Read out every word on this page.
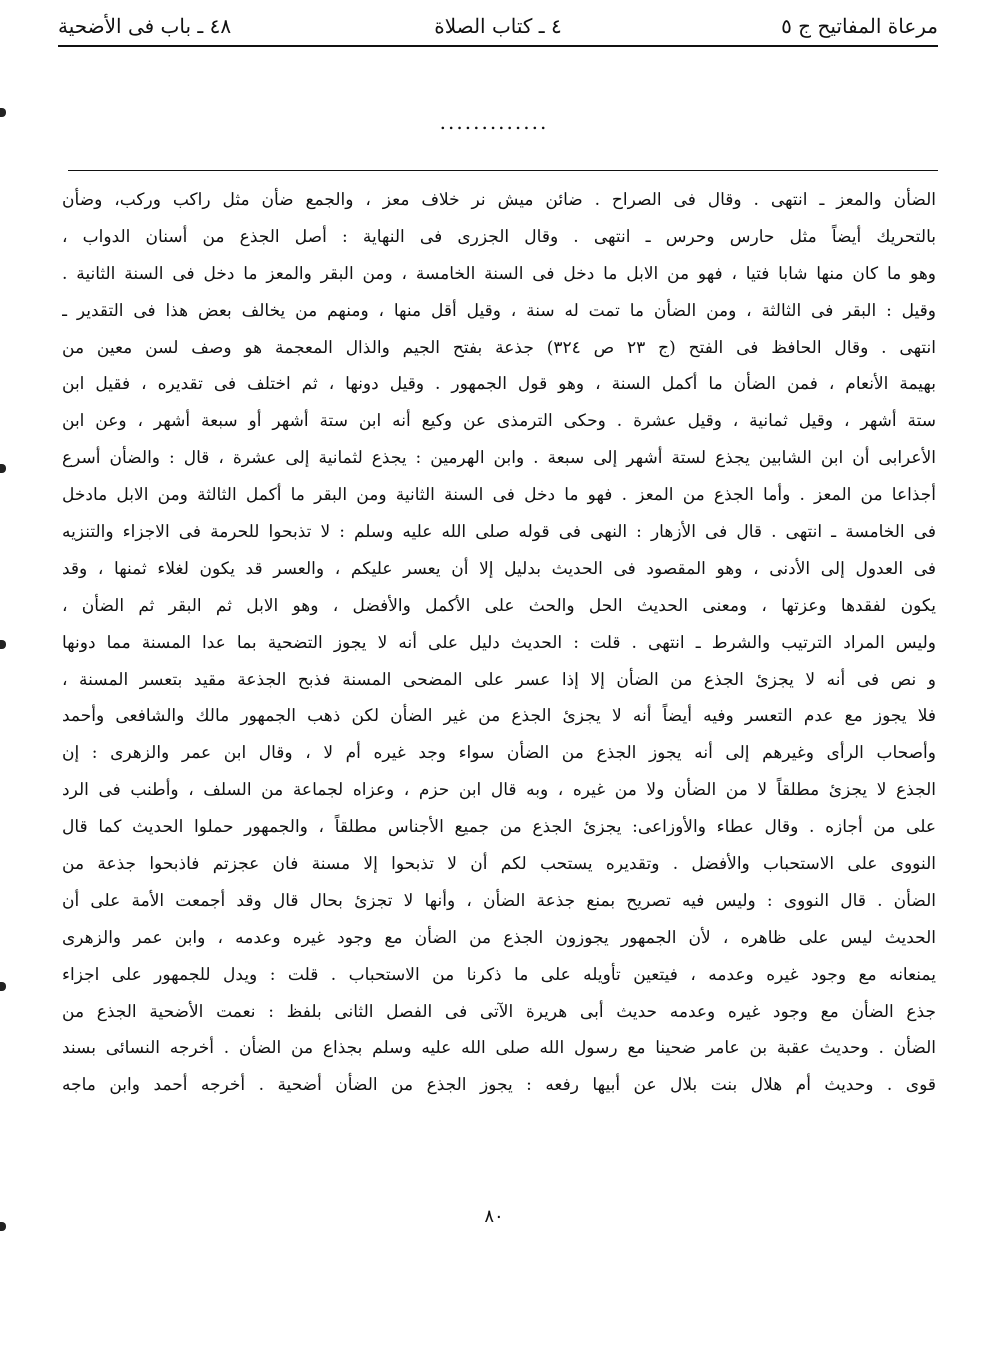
مرعاة المفاتيح ج ٥
٤ ـ كتاب الصلاة
٤٨ ـ باب فى الأضحية
.............
الضأن والمعز ـ انتهى . وقال فى الصراح . ضائن ميش نر خلاف معز ، والجمع ضأن مثل راكب وركب، وضأن
بالتحريك أيضاً مثل حارس وحرس ـ انتهى . وقال الجزرى فى النهاية : أصل الجذع من أسنان الدواب ،
وهو ما كان منها شابا فتيا ، فهو من الابل ما دخل فى السنة الخامسة ، ومن البقر والمعز ما دخل فى السنة الثانية .
وقيل : البقر فى الثالثة ، ومن الضأن ما تمت له سنة ، وقيل أقل منها ، ومنهم من يخالف بعض هذا فى التقدير ـ
انتهى . وقال الحافظ فى الفتح (ج ٢٣ ص ٣٢٤) جذعة بفتح الجيم والذال المعجمة هو وصف لسن معين من
بهيمة الأنعام ، فمن الضأن ما أكمل السنة ، وهو قول الجمهور . وقيل دونها ، ثم اختلف فى تقديره ، فقيل ابن
ستة أشهر ، وقيل ثمانية ، وقيل عشرة . وحكى الترمذى عن وكيع أنه ابن ستة أشهر أو سبعة أشهر ، وعن ابن
الأعرابى أن ابن الشابين يجذع لستة أشهر إلى سبعة . وابن الهرمين : يجذع لثمانية إلى عشرة ، قال : والضأن أسرع
أجذاعا من المعز . وأما الجذع من المعز . فهو ما دخل فى السنة الثانية ومن البقر ما أكمل الثالثة ومن الابل مادخل
فى الخامسة ـ انتهى . قال فى الأزهار : النهى فى قوله صلى الله عليه وسلم : لا تذبحوا للحرمة فى الاجزاء والتنزيه
فى العدول إلى الأدنى ، وهو المقصود فى الحديث بدليل إلا أن يعسر عليكم ، والعسر قد يكون لغلاء ثمنها ، وقد
يكون لفقدها وعزتها ، ومعنى الحديث الحل والحث على الأكمل والأفضل ، وهو الابل ثم البقر ثم الضأن ،
وليس المراد الترتيب والشرط ـ انتهى . قلت : الحديث دليل على أنه لا يجوز التضحية بما عدا المسنة مما دونها
و نص فى أنه لا يجزئ الجذع من الضأن إلا إذا عسر على المضحى المسنة فذبح الجذعة مقيد بتعسر المسنة ،
فلا يجوز مع عدم التعسر وفيه أيضاً أنه لا يجزئ الجذع من غير الضأن لكن ذهب الجمهور مالك والشافعى وأحمد
وأصحاب الرأى وغيرهم إلى أنه يجوز الجذع من الضأن سواء وجد غيره أم لا ، وقال ابن عمر والزهرى : إن
الجذع لا يجزئ مطلقاً لا من الضأن ولا من غيره ، وبه قال ابن حزم ، وعزاه لجماعة من السلف ، وأطنب فى الرد
على من أجازه . وقال عطاء والأوزاعى: يجزئ الجذع من جميع الأجناس مطلقاً ، والجمهور حملوا الحديث كما قال
النووى على الاستحباب والأفضل . وتقديره يستحب لكم أن لا تذبحوا إلا مسنة فان عجزتم فاذبحوا جذعة من
الضأن . قال النووى : وليس فيه تصريح بمنع جذعة الضأن ، وأنها لا تجزئ بحال قال وقد أجمعت الأمة على أن
الحديث ليس على ظاهره ، لأن الجمهور يجوزون الجذع من الضأن مع وجود غيره وعدمه ، وابن عمر والزهرى
يمنعانه مع وجود غيره وعدمه ، فيتعين تأويله على ما ذكرنا من الاستحباب . قلت : ويدل للجمهور على اجزاء
جذع الضأن مع وجود غيره وعدمه حديث أبى هريرة الآتى فى الفصل الثانى بلفظ : نعمت الأضحية الجذع من
الضأن . وحديث عقبة بن عامر ضحينا مع رسول الله صلى الله عليه وسلم بجذاع من الضأن . أخرجه النسائى بسند
قوى . وحديث أم هلال بنت بلال عن أبيها رفعه : يجوز الجذع من الضأن أضحية . أخرجه أحمد وابن ماجه
٨٠
